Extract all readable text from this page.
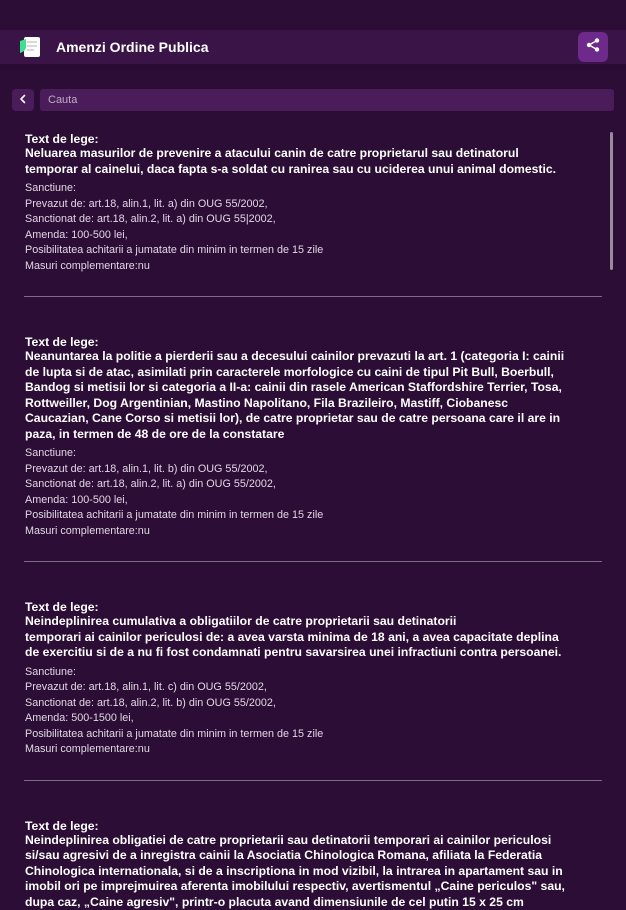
Amenzi Ordine Publica
Cauta
Text de lege:
Neluarea masurilor de prevenire a atacului canin de catre proprietarul sau detinatorul
temporar al cainelui, daca fapta s-a soldat cu ranirea sau cu uciderea unui animal domestic.
Sanctiune:
Prevazut de: art.18, alin.1, lit. a) din OUG 55/2002,
Sanctionat de: art.18, alin.2, lit. a) din OUG 55|2002,
Amenda: 100-500 lei,
Posibilitatea achitarii a jumatate din minim in termen de 15 zile
Masuri complementare:nu
Text de lege:
Neanuntarea la politie a pierderii sau a decesului cainilor prevazuti la art. 1 (categoria I: cainii
de lupta si de atac, asimilati prin caracterele morfologice cu caini de tipul Pit Bull, Boerbull,
Bandog si metisii lor si categoria a II-a: cainii din rasele American Staffordshire Terrier, Tosa,
Rottweiller, Dog Argentinian, Mastino Napolitano, Fila Brazileiro, Mastiff, Ciobanesc
Caucazian, Cane Corso si metisii lor), de catre proprietar sau de catre persoana care il are in
paza, in termen de 48 de ore de la constatare
Sanctiune:
Prevazut de: art.18, alin.1, lit. b) din OUG 55/2002,
Sanctionat de: art.18, alin.2, lit. a) din OUG 55/2002,
Amenda: 100-500 lei,
Posibilitatea achitarii a jumatate din minim in termen de 15 zile
Masuri complementare:nu
Text de lege:
Neindeplinirea cumulativa a obligatiilor de catre proprietarii sau detinatorii
temporari ai cainilor periculosi de: a avea varsta minima de 18 ani, a avea capacitate deplina
de exercitiu si de a nu fi fost condamnati pentru savarsirea unei infractiuni contra persoanei.
Sanctiune:
Prevazut de: art.18, alin.1, lit. c) din OUG 55/2002,
Sanctionat de: art.18, alin.2, lit. b) din OUG 55/2002,
Amenda: 500-1500 lei,
Posibilitatea achitarii a jumatate din minim in termen de 15 zile
Masuri complementare:nu
Text de lege:
Neindeplinirea obligatiei de catre proprietarii sau detinatorii temporari ai cainilor periculosi
si/sau agresivi de a inregistra cainii la Asociatia Chinologica Romana, afiliata la Federatia
Chinologica internationala, si de a inscriptiona in mod vizibil, la intrarea in apartament sau in
imobil ori pe imprejmuirea aferenta imobilului respectiv, avertismentul „Caine periculos" sau,
dupa caz, „Caine agresiv", printr-o placuta avand dimensiunile de cel putin 15 x 25 cm
